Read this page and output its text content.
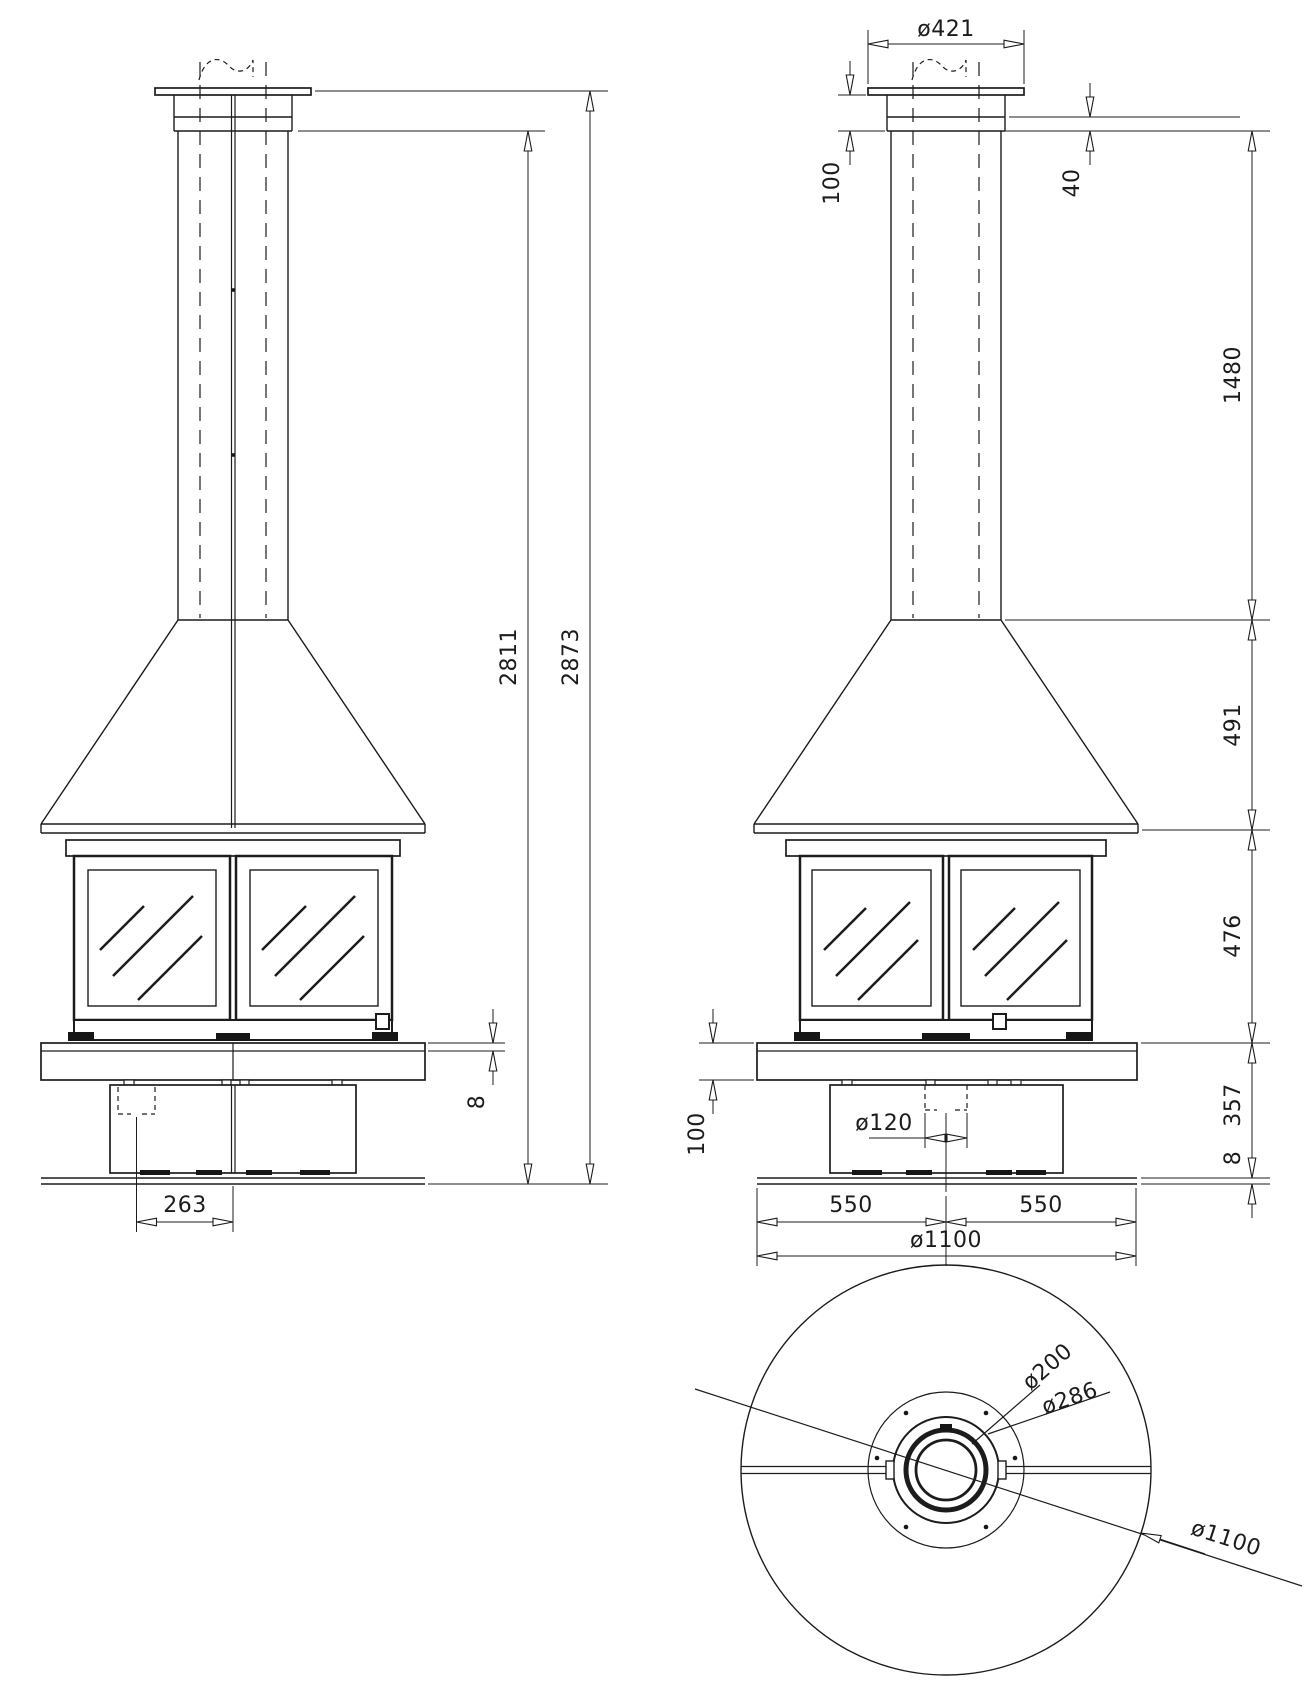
263
8
2811 2873
ø421
100	40
1480
491
476
357
8
100	ø120
550	550
ø1100
ø200
ø286
ø1100
